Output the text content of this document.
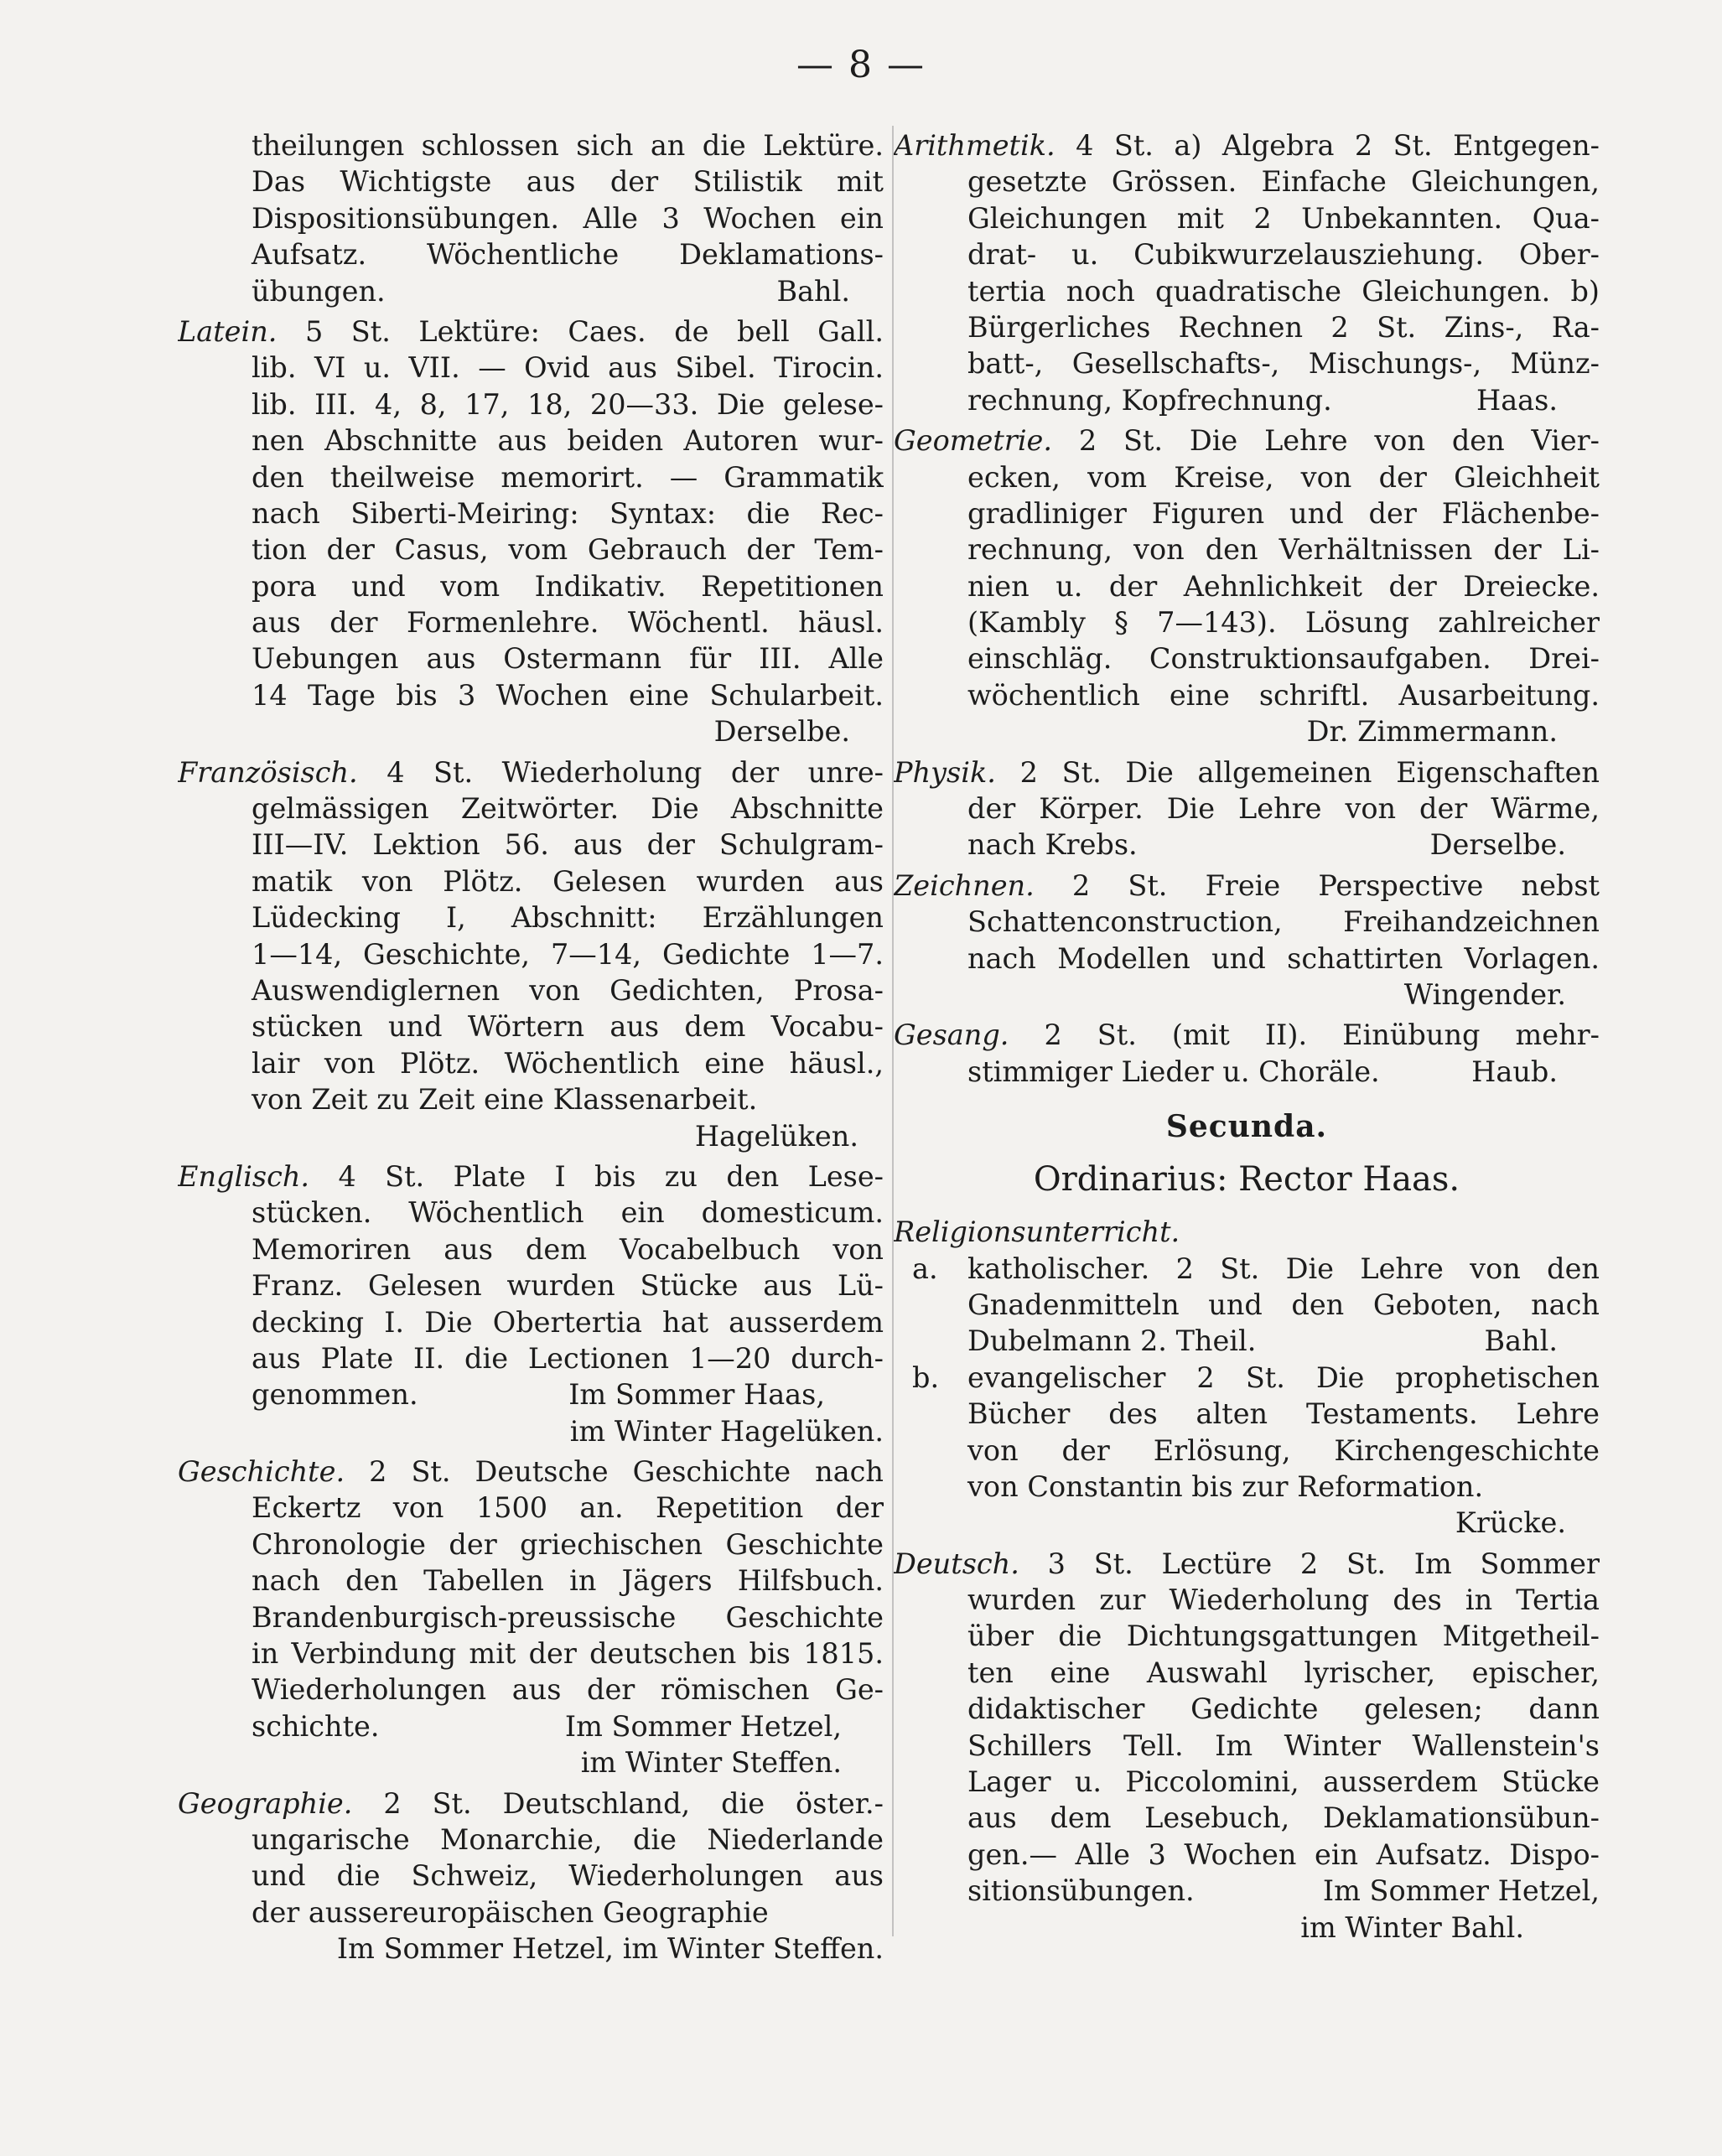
— 8 —
theilungen schlossen sich an die Lektüre.
Das Wichtigste aus der Stilistik mit
Dispositionsübungen. Alle 3 Wochen ein
Aufsatz. Wöchentliche Deklamations-
übungen.	Bahl.
Latein. 5 St. Lektüre: Caes. de bell Gall.
lib. VI u. VII. — Ovid aus Sibel. Tirocin.
lib. III. 4, 8, 17, 18, 20—33. Die gelese-
nen Abschnitte aus beiden Autoren wur-
den theilweise memorirt. — Grammatik
nach Siberti-Meiring: Syntax: die Rec-
tion der Casus, vom Gebrauch der Tem-
pora und vom Indikativ. Repetitionen
aus der Formenlehre. Wöchentl. häusl.
Uebungen aus Ostermann für III. Alle
14 Tage bis 3 Wochen eine Schularbeit.
Derselbe.
Französisch. 4 St. Wiederholung der unre-
gelmässigen Zeitwörter. Die Abschnitte
III—IV. Lektion 56. aus der Schulgram-
matik von Plötz. Gelesen wurden aus
Lüdecking I, Abschnitt: Erzählungen
1—14, Geschichte, 7—14, Gedichte 1—7.
Auswendiglernen von Gedichten, Prosa-
stücken und Wörtern aus dem Vocabu-
lair von Plötz. Wöchentlich eine häusl.,
von Zeit zu Zeit eine Klassenarbeit.
Hagelüken.
Englisch. 4 St. Plate I bis zu den Lese-
stücken. Wöchentlich ein domesticum.
Memoriren aus dem Vocabelbuch von
Franz. Gelesen wurden Stücke aus Lü-
decking I. Die Obertertia hat ausserdem
aus Plate II. die Lectionen 1—20 durch-
genommen.	Im Sommer Haas,
im Winter Hagelüken.
Geschichte. 2 St. Deutsche Geschichte nach
Eckertz von 1500 an. Repetition der
Chronologie der griechischen Geschichte
nach den Tabellen in Jägers Hilfsbuch.
Brandenburgisch-preussische Geschichte
in Verbindung mit der deutschen bis 1815.
Wiederholungen aus der römischen Ge-
schichte.	Im Sommer Hetzel,
im Winter Steffen.
Geographie. 2 St. Deutschland, die öster.-
ungarische Monarchie, die Niederlande
und die Schweiz, Wiederholungen aus
der aussereuropäischen Geographie
Im Sommer Hetzel, im Winter Steffen.
Arithmetik. 4 St. a) Algebra 2 St. Entgegen-
gesetzte Grössen. Einfache Gleichungen,
Gleichungen mit 2 Unbekannten. Qua-
drat- u. Cubikwurzelausziehung. Ober-
tertia noch quadratische Gleichungen. b)
Bürgerliches Rechnen 2 St. Zins-, Ra-
batt-, Gesellschafts-, Mischungs-, Münz-
rechnung, Kopfrechnung.	Haas.
Geometrie. 2 St. Die Lehre von den Vier-
ecken, vom Kreise, von der Gleichheit
gradliniger Figuren und der Flächenbe-
rechnung, von den Verhältnissen der Li-
nien u. der Aehnlichkeit der Dreiecke.
(Kambly § 7—143). Lösung zahlreicher
einschläg. Construktionsaufgaben. Drei-
wöchentlich eine schriftl. Ausarbeitung.
Dr. Zimmermann.
Physik. 2 St. Die allgemeinen Eigenschaften
der Körper. Die Lehre von der Wärme,
nach Krebs.	Derselbe.
Zeichnen. 2 St. Freie Perspective nebst
Schattenconstruction, Freihandzeichnen
nach Modellen und schattirten Vorlagen.
Wingender.
Gesang. 2 St. (mit II). Einübung mehr-
stimmiger Lieder u. Choräle.	Haub.
Secunda.
Ordinarius: Rector Haas.
Religionsunterricht.
a. katholischer. 2 St. Die Lehre von den
Gnadenmitteln und den Geboten, nach
Dubelmann 2. Theil.	Bahl.
b. evangelischer 2 St. Die prophetischen
Bücher des alten Testaments. Lehre
von der Erlösung, Kirchengeschichte
von Constantin bis zur Reformation.
Krücke.
Deutsch. 3 St. Lectüre 2 St. Im Sommer
wurden zur Wiederholung des in Tertia
über die Dichtungsgattungen Mitgetheil-
ten eine Auswahl lyrischer, epischer,
didaktischer Gedichte gelesen; dann
Schillers Tell. Im Winter Wallenstein's
Lager u. Piccolomini, ausserdem Stücke
aus dem Lesebuch, Deklamationsübun-
gen.— Alle 3 Wochen ein Aufsatz. Dispo-
sitionsübungen.	Im Sommer Hetzel,
im Winter Bahl.
